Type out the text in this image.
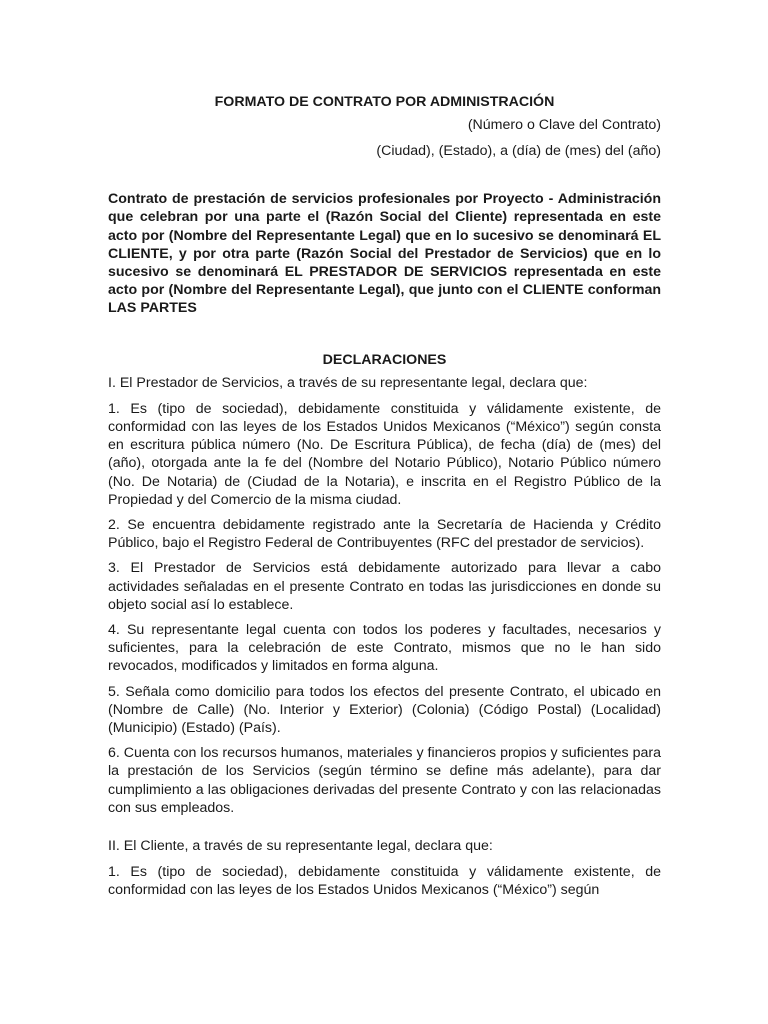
FORMATO DE CONTRATO POR ADMINISTRACIÓN
(Número o Clave del Contrato)
(Ciudad), (Estado), a (día) de (mes) del (año)

Contrato de prestación de servicios profesionales por Proyecto - Administración que celebran por una parte el (Razón Social del Cliente) representada en este acto por (Nombre del Representante Legal) que en lo sucesivo se denominará EL CLIENTE, y por otra parte (Razón Social del Prestador de Servicios) que en lo sucesivo se denominará EL PRESTADOR DE SERVICIOS representada en este acto por (Nombre del Representante Legal), que junto con el CLIENTE conforman LAS PARTES

DECLARACIONES
I. El Prestador de Servicios, a través de su representante legal, declara que:

1. Es (tipo de sociedad), debidamente constituida y válidamente existente, de conformidad con las leyes de los Estados Unidos Mexicanos (“México”) según consta en escritura pública número (No. De Escritura Pública), de fecha (día) de (mes) del (año), otorgada ante la fe del (Nombre del Notario Público), Notario Público número (No. De Notaria) de (Ciudad de la Notaria), e inscrita en el Registro Público de la Propiedad y del Comercio de la misma ciudad.

2. Se encuentra debidamente registrado ante la Secretaría de Hacienda y Crédito Público, bajo el Registro Federal de Contribuyentes (RFC del prestador de servicios).

3. El Prestador de Servicios está debidamente autorizado para llevar a cabo actividades señaladas en el presente Contrato en todas las jurisdicciones en donde su objeto social así lo establece.

4. Su representante legal cuenta con todos los poderes y facultades, necesarios y suficientes, para la celebración de este Contrato, mismos que no le han sido revocados, modificados y limitados en forma alguna.

5. Señala como domicilio para todos los efectos del presente Contrato, el ubicado en (Nombre de Calle) (No. Interior y Exterior) (Colonia) (Código Postal) (Localidad) (Municipio) (Estado) (País).

6. Cuenta con los recursos humanos, materiales y financieros propios y suficientes para la prestación de los Servicios (según término se define más adelante), para dar cumplimiento a las obligaciones derivadas del presente Contrato y con las relacionadas con sus empleados.

II. El Cliente, a través de su representante legal, declara que:

1. Es (tipo de sociedad), debidamente constituida y válidamente existente, de conformidad con las leyes de los Estados Unidos Mexicanos (“México”) según
